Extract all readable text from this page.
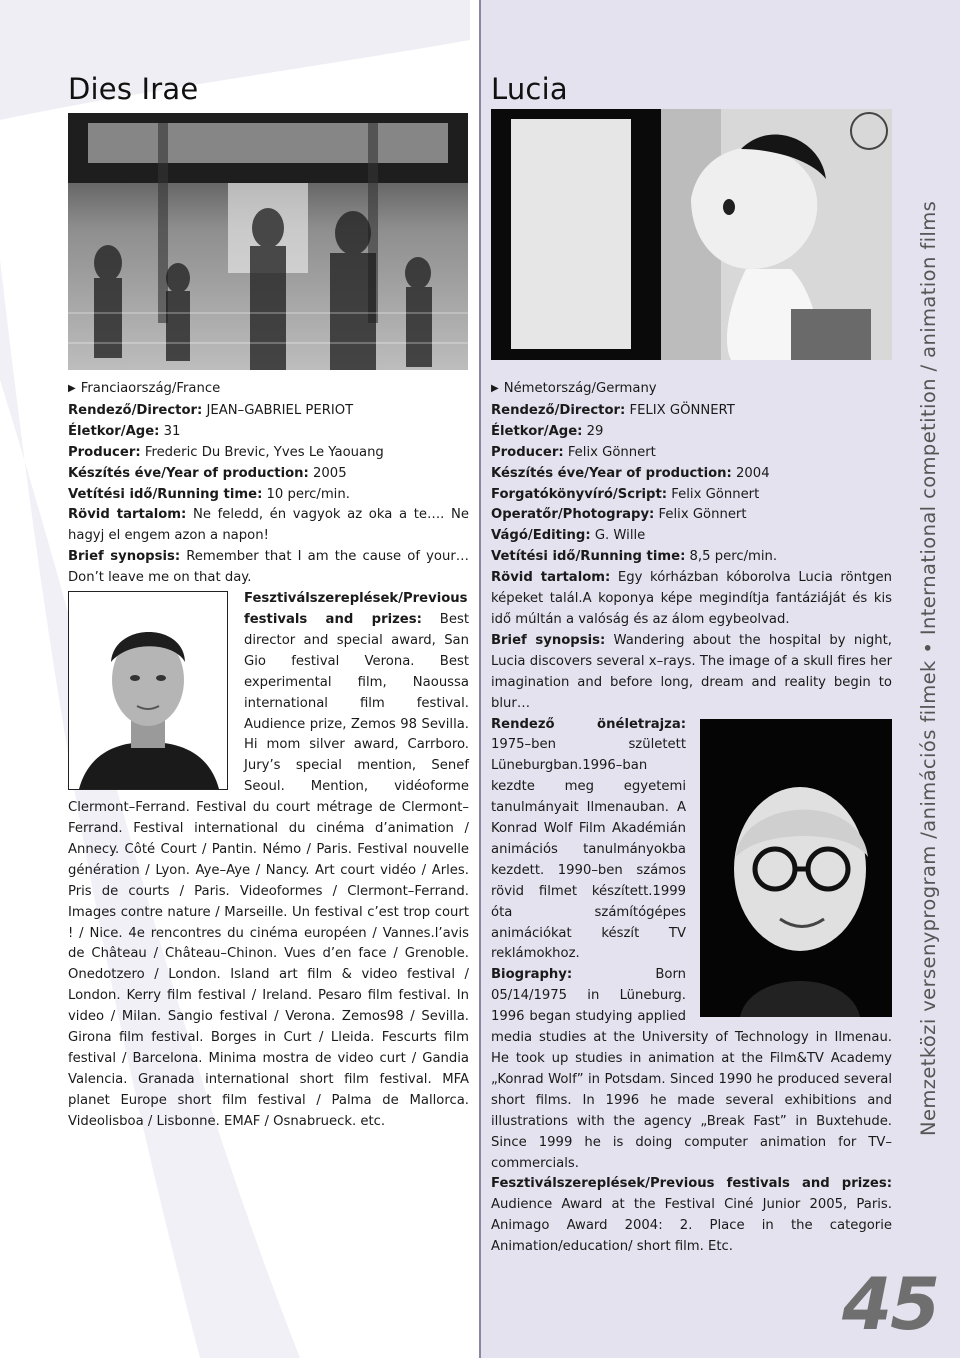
Dies Irae

▶ Franciaország/France

Rendező/Director: JEAN–GABRIEL PERIOT

Életkor/Age: 31

Producer: Frederic Du Brevic, Yves Le Yaouang

Készítés éve/Year of production: 2005

Vetítési idő/Running time: 10 perc/min.

Rövid tartalom: Ne feledd, én vagyok az oka a te…. Ne hagyj el engem azon a napon!

Brief synopsis: Remember that I am the cause of your… Don’t leave me on that day.

Fesztiválszereplések/Previous festivals and prizes: Best director and special award, San Gio festival Verona. Best experimental film, Naoussa international film festival. Audience prize, Zemos 98 Sevilla. Hi mom silver award, Carrboro. Jury’s special mention, Senef Seoul. Mention, vidéoforme Clermont–Ferrand. Festival du court métrage de Clermont–Ferrand. Festival international du cinéma d’animation / Annecy. Côté Court / Pantin. Némo / Paris. Festival nouvelle génération / Lyon. Aye–Aye / Nancy. Art court vidéo / Arles. Pris de courts / Paris. Videoformes / Clermont–Ferrand. Images contre nature / Marseille. Un festival c’est trop court ! / Nice. 4e rencontres du cinéma européen / Vannes.l’avis de Château / Château–Chinon. Vues d’en face / Grenoble. Onedotzero / London. Island art film & video festival / London. Kerry film festival / Ireland. Pesaro film festival. In video / Milan. Sangio festival / Verona. Zemos98 / Sevilla. Girona film festival. Borges in Curt / Lleida. Fescurts film festival / Barcelona. Minima mostra de video curt / Gandia Valencia. Granada international short film festival. MFA planet Europe short film festival / Palma de Mallorca. Videolisboa / Lisbonne. EMAF / Osnabrueck. etc.

Lucia

▶ Németország/Germany

Rendező/Director: FELIX GÖNNERT

Életkor/Age: 29

Producer: Felix Gönnert

Készítés éve/Year of production: 2004

Forgatókönyvíró/Script: Felix Gönnert

Operatőr/Photograpy: Felix Gönnert

Vágó/Editing: G. Wille

Vetítési idő/Running time: 8,5 perc/min.

Rövid tartalom: Egy kórházban kóborolva Lucia röntgen képeket talál.A koponya képe megindítja fantáziáját és kis idő múltán a valóság és az álom egybeolvad.

Brief synopsis: Wandering about the hospital by night, Lucia discovers several x–rays. The image of a skull fires her imagination and before long, dream and reality begin to blur…

Rendező önéletrajza: 1975–ben született Lüneburgban.1996–ban kezdte meg egyetemi tanulmányait Ilmenauban. A Konrad Wolf Film Akadémián animációs tanulmányokba kezdett. 1990–ben számos rövid filmet készített.1999 óta számítógépes animációkat készít TV reklámokhoz.

Biography:	Born 05/14/1975 in Lüneburg. 1996 began studying applied media studies at the University of Technology in Ilmenau. He took up studies in animation at the Film&TV Academy „Konrad Wolf” in Potsdam. Sinced 1990 he produced several short films. In 1996 he made several exhibitions and illustrations with the agency „Break Fast” in Buxtehude. Since 1999 he is doing computer animation for TV–commercials.

Fesztiválszereplések/Previous festivals and prizes: Audience Award at the Festival Ciné Junior 2005, Paris. Animago Award 2004: 2. Place in the categorie Animation/education/ short film. Etc.

Nemzetközi versenyprogram /animációs filmek • International competition / animation films
45
